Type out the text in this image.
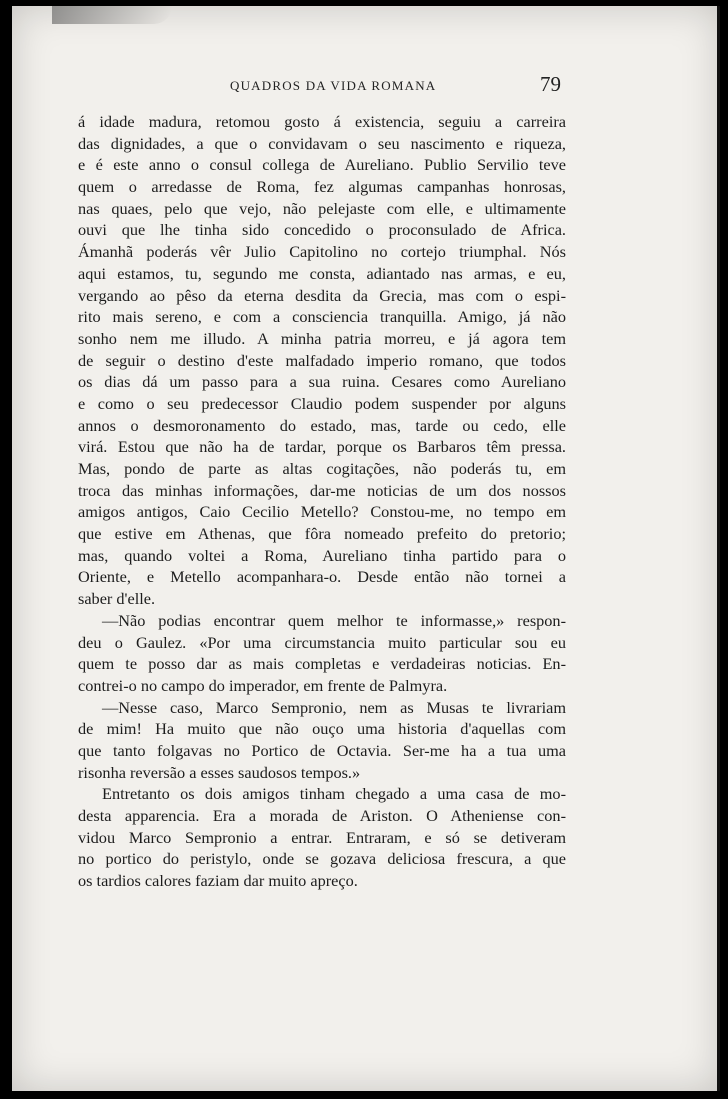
QUADROS DA VIDA ROMANA	79
á idade madura, retomou gosto á existencia, seguiu a carreira
das dignidades, a que o convidavam o seu nascimento e riqueza,
e é este anno o consul collega de Aureliano. Publio Servilio teve
quem o arredasse de Roma, fez algumas campanhas honrosas,
nas quaes, pelo que vejo, não pelejaste com elle, e ultimamente
ouvi que lhe tinha sido concedido o proconsulado de Africa.
Ámanhã poderás vêr Julio Capitolino no cortejo triumphal. Nós
aqui estamos, tu, segundo me consta, adiantado nas armas, e eu,
vergando ao pêso da eterna desdita da Grecia, mas com o espi-
rito mais sereno, e com a consciencia tranquilla. Amigo, já não
sonho nem me illudo. A minha patria morreu, e já agora tem
de seguir o destino d'este malfadado imperio romano, que todos
os dias dá um passo para a sua ruina. Cesares como Aureliano
e como o seu predecessor Claudio podem suspender por alguns
annos o desmoronamento do estado, mas, tarde ou cedo, elle
virá. Estou que não ha de tardar, porque os Barbaros têm pressa.
Mas, pondo de parte as altas cogitações, não poderás tu, em
troca das minhas informações, dar-me noticias de um dos nossos
amigos antigos, Caio Cecilio Metello? Constou-me, no tempo em
que estive em Athenas, que fôra nomeado prefeito do pretorio;
mas, quando voltei a Roma, Aureliano tinha partido para o
Oriente, e Metello acompanhara-o. Desde então não tornei a
saber d'elle.
—Não podias encontrar quem melhor te informasse,» respon-
deu o Gaulez. «Por uma circumstancia muito particular sou eu
quem te posso dar as mais completas e verdadeiras noticias. En-
contrei-o no campo do imperador, em frente de Palmyra.
—Nesse caso, Marco Sempronio, nem as Musas te livrariam
de mim! Ha muito que não ouço uma historia d'aquellas com
que tanto folgavas no Portico de Octavia. Ser-me ha a tua uma
risonha reversão a esses saudosos tempos.»
Entretanto os dois amigos tinham chegado a uma casa de mo-
desta apparencia. Era a morada de Ariston. O Atheniense con-
vidou Marco Sempronio a entrar. Entraram, e só se detiveram
no portico do peristylo, onde se gozava deliciosa frescura, a que
os tardios calores faziam dar muito apreço.
